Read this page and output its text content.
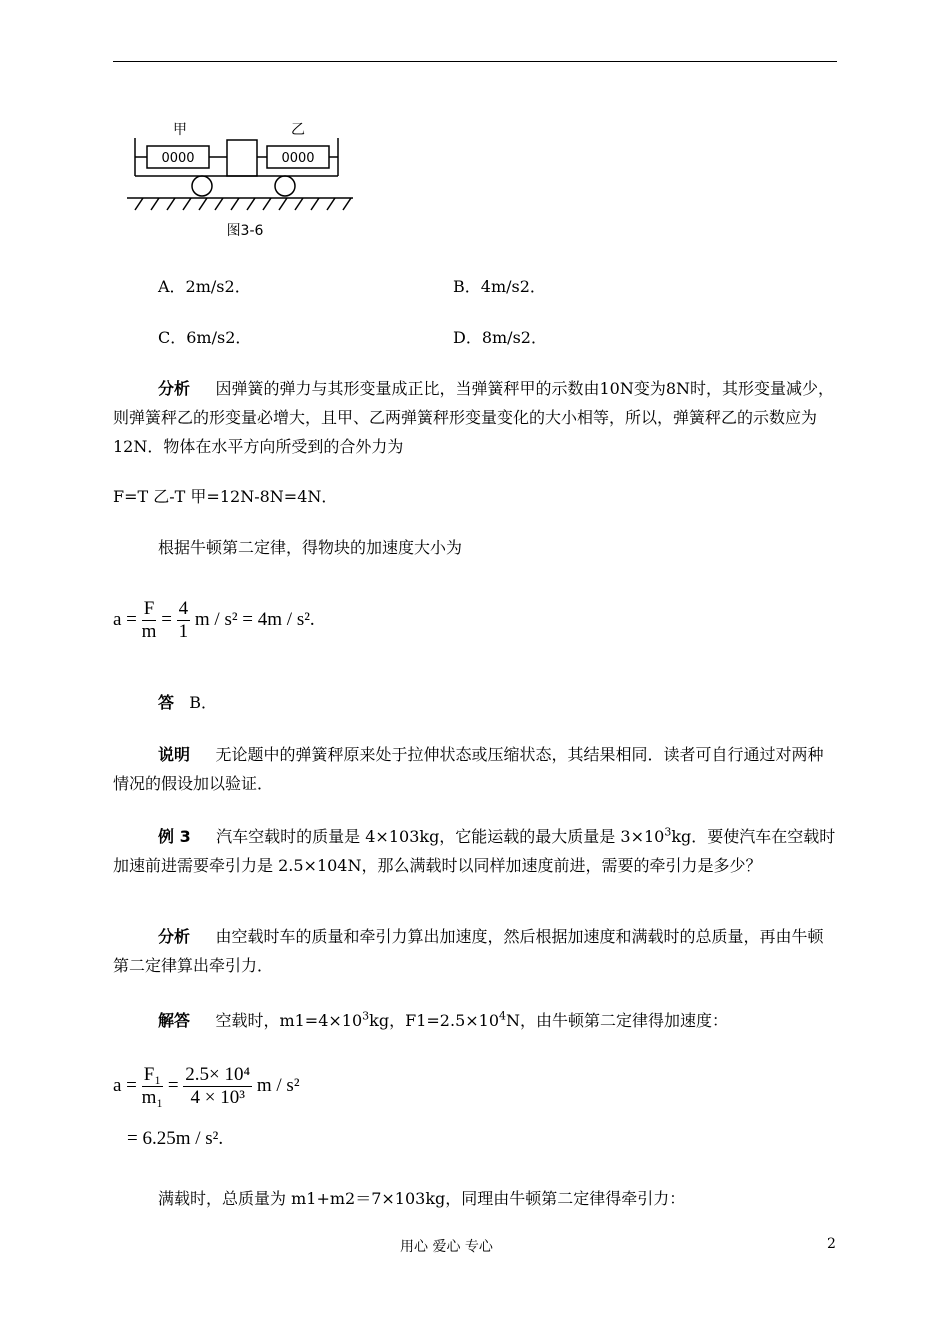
甲	乙
0000	0000
图3-6
A．2m/s2．	B．4m/s2．
C．6m/s2．	D．8m/s2．
分析 因弹簧的弹力与其形变量成正比，当弹簧秤甲的示数由10N变为8N时，其形变量减少，则弹簧秤乙的形变量必增大，且甲、乙两弹簧秤形变量变化的大小相等，所以，弹簧秤乙的示数应为12N．物体在水平方向所受到的合外力为
F=T 乙-T 甲=12N-8N=4N．
根据牛顿第二定律，得物块的加速度大小为
$a = \frac{F}{m} = \frac{4}{1}$ m / s² = 4m / s².
答 B．
说明 无论题中的弹簧秤原来处于拉伸状态或压缩状态，其结果相同．读者可自行通过对两种情况的假设加以验证．
例 3 汽车空载时的质量是 4×103kg，它能运载的最大质量是 $3\times 10^3kg$．要使汽车在空载时加速前进需要牵引力是 2.5×104N，那么满载时以同样加速度前进，需要的牵引力是多少？
分析 由空载时车的质量和牵引力算出加速度，然后根据加速度和满载时的总质量，再由牛顿第二定律算出牵引力．
解答 空载时，$m1=4\times 10^3kg$，$F1=2.5\times 10^4N$，由牛顿第二定律得加速度：
$a = \frac{\text{F₁}}{\text{m₁}} = \frac{\text{2.5× 10⁴}}{\text{4 × 10³}}$ m / s²
= 6.25m / s².
满载时，总质量为 m1+m2＝7×103kg，同理由牛顿第二定律得牵引力：
用心 爱心 专心	2
